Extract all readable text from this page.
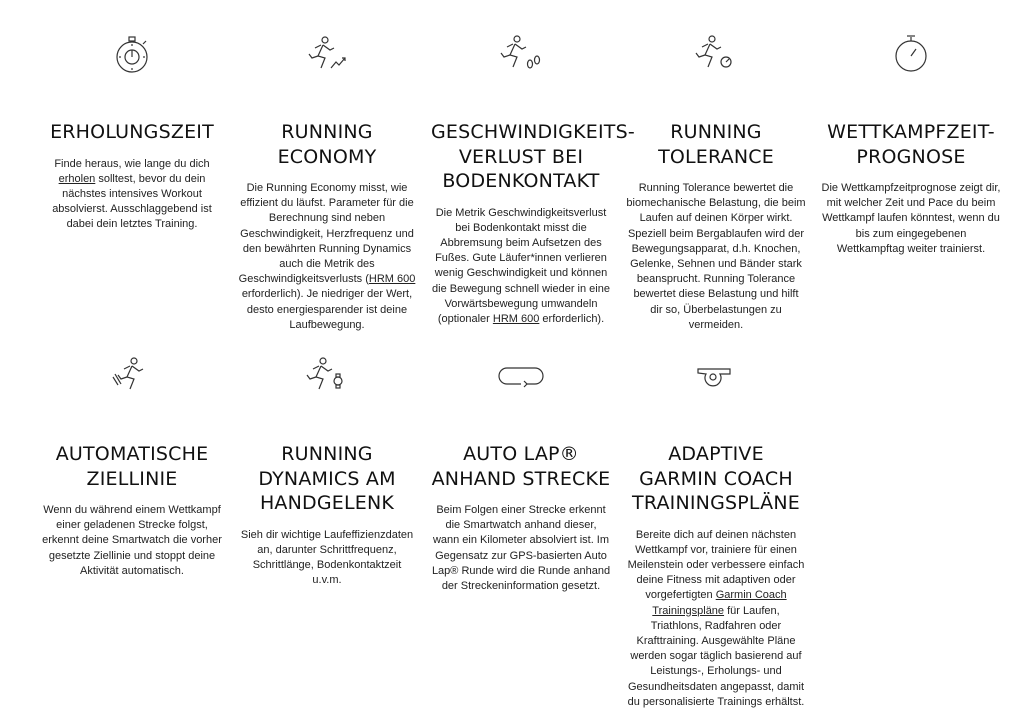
ERHOLUNGSZEIT

Finde heraus, wie lange du dich erholen solltest, bevor du dein nächstes intensives Workout absolvierst. Ausschlaggebend ist dabei dein letztes Training.

RUNNING ECONOMY

Die Running Economy misst, wie effizient du läufst. Parameter für die Berechnung sind neben Geschwindigkeit, Herzfrequenz und den bewährten Running Dynamics auch die Metrik des Geschwindigkeitsverlusts (HRM 600 erforderlich). Je niedriger der Wert, desto energiesparender ist deine Laufbewegung.

GESCHWINDIGKEITS-VERLUST BEI BODENKONTAKT

Die Metrik Geschwindigkeitsverlust bei Bodenkontakt misst die Abbremsung beim Aufsetzen des Fußes. Gute Läufer*innen verlieren wenig Geschwindigkeit und können die Bewegung schnell wieder in eine Vorwärtsbewegung umwandeln (optionaler HRM 600 erforderlich).

RUNNING TOLERANCE

Running Tolerance bewertet die biomechanische Belastung, die beim Laufen auf deinen Körper wirkt. Speziell beim Bergablaufen wird der Bewegungsapparat, d.h. Knochen, Gelenke, Sehnen und Bänder stark beansprucht. Running Tolerance bewertet diese Belastung und hilft dir so, Überbelastungen zu vermeiden.

WETTKAMPFZEIT-PROGNOSE

Die Wettkampfzeitprognose zeigt dir, mit welcher Zeit und Pace du beim Wettkampf laufen könntest, wenn du bis zum eingegebenen Wettkampftag weiter trainierst.

AUTOMATISCHE ZIELLINIE

Wenn du während einem Wettkampf einer geladenen Strecke folgst, erkennt deine Smartwatch die vorher gesetzte Ziellinie und stoppt deine Aktivität automatisch.

RUNNING DYNAMICS AM HANDGELENK

Sieh dir wichtige Laufeffizienzdaten an, darunter Schrittfrequenz, Schrittlänge, Bodenkontaktzeit u.v.m.

AUTO LAP® ANHAND STRECKE

Beim Folgen einer Strecke erkennt die Smartwatch anhand dieser, wann ein Kilometer absolviert ist. Im Gegensatz zur GPS-basierten Auto Lap® Runde wird die Runde anhand der Streckeninformation gesetzt.

ADAPTIVE GARMIN COACH TRAININGSPLÄNE

Bereite dich auf deinen nächsten Wettkampf vor, trainiere für einen Meilenstein oder verbessere einfach deine Fitness mit adaptiven oder vorgefertigten Garmin Coach Trainingspläne für Laufen, Triathlons, Radfahren oder Krafttraining. Ausgewählte Pläne werden sogar täglich basierend auf Leistungs-, Erholungs- und Gesundheitsdaten angepasst, damit du personalisierte Trainings erhältst.
